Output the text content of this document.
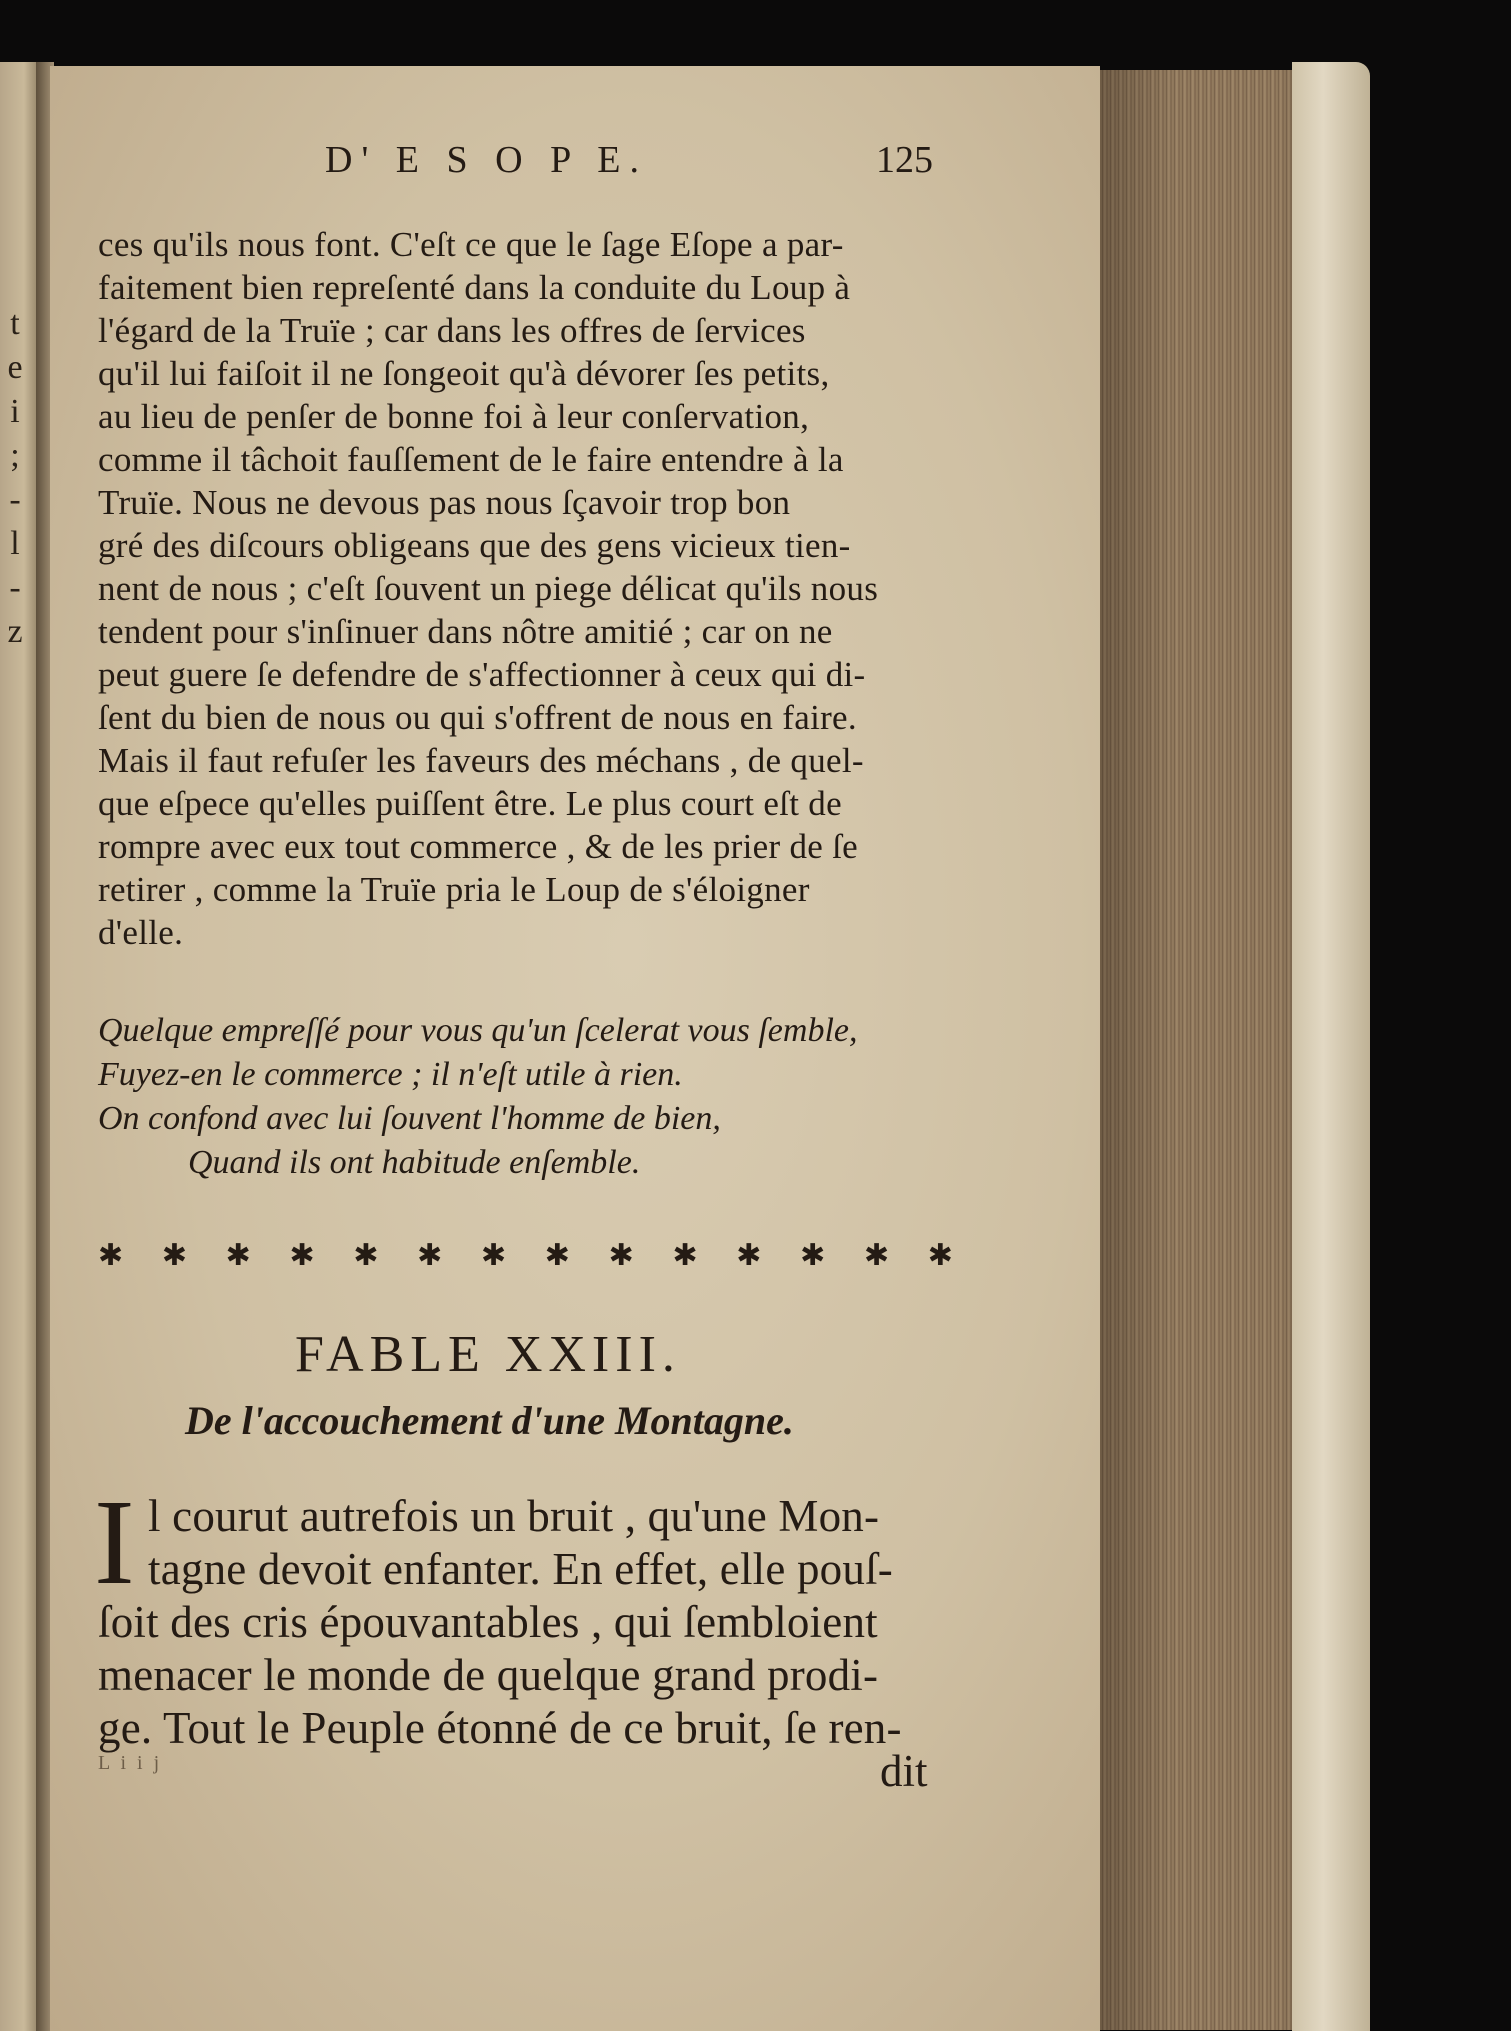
t
e
i
;
-
l
-
z
D' E S O P E.	125
ces qu'ils nous font. C'eſt ce que le ſage Eſope a par-
faitement bien repreſenté dans la conduite du Loup à
l'égard de la Truïe ; car dans les offres de ſervices
qu'il lui faiſoit il ne ſongeoit qu'à dévorer ſes petits,
au lieu de penſer de bonne foi à leur conſervation,
comme il tâchoit fauſſement de le faire entendre à la
Truïe. Nous ne devous pas nous ſçavoir trop bon
gré des diſcours obligeans que des gens vicieux tien-
nent de nous ; c'eſt ſouvent un piege délicat qu'ils nous
tendent pour s'inſinuer dans nôtre amitié ; car on ne
peut guere ſe defendre de s'affectionner à ceux qui di-
ſent du bien de nous ou qui s'offrent de nous en faire.
Mais il faut refuſer les faveurs des méchans , de quel-
que eſpece qu'elles puiſſent être. Le plus court eſt de
rompre avec eux tout commerce , & de les prier de ſe
retirer , comme la Truïe pria le Loup de s'éloigner
d'elle.
Quelque empreſſé pour vous qu'un ſcelerat vous ſemble,
Fuyez-en le commerce ; il n'eſt utile à rien.
On confond avec lui ſouvent l'homme de bien,
Quand ils ont habitude enſemble.
✱ ✱ ✱ ✱ ✱ ✱ ✱ ✱ ✱ ✱ ✱ ✱ ✱ ✱
FABLE XXIII.
De l'accouchement d'une Montagne.
I l courut autrefois un bruit , qu'une Mon-
tagne devoit enfanter. En effet, elle pouſ-
ſoit des cris épouvantables , qui ſembloient
menacer le monde de quelque grand prodi-
ge. Tout le Peuple étonné de ce bruit, ſe ren-
L i i j	dit
